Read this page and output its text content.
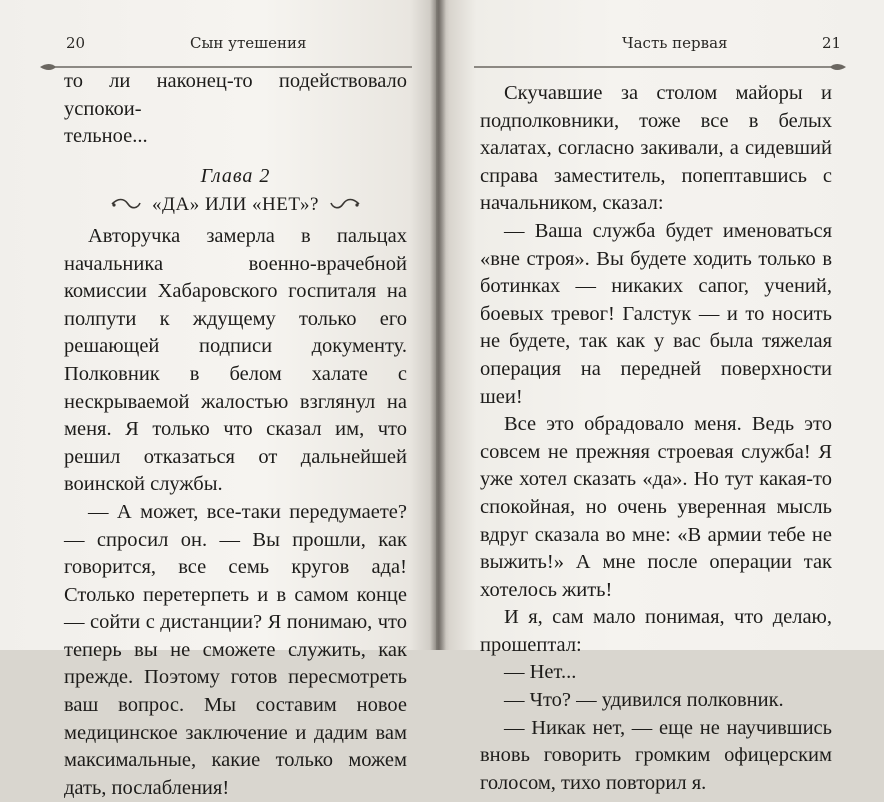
20	Сын утешения

то ли наконец-то подействовало успокои-

тельное...

Глава 2
«ДА» ИЛИ «НЕТ»?

Авторучка замерла в пальцах начальника военно-врачебной комиссии Хабаровского госпиталя на полпути к ждущему только его решающей подписи документу. Полковник в белом халате с нескрываемой жалостью взглянул на меня. Я только что сказал им, что решил отказаться от дальнейшей воинской службы.

— А может, все-таки передумаете? — спросил он. — Вы прошли, как говорится, все семь кругов ада! Столько перетерпеть и в самом конце — сойти с дистанции? Я понимаю, что теперь вы не сможете служить, как прежде. Поэтому готов пересмотреть ваш вопрос. Мы составим новое медицинское заключение и дадим вам максимальные, какие только можем дать, послабления!

Часть первая	21

Скучавшие за столом майоры и подполковники, тоже все в белых халатах, согласно закивали, а сидевший справа заместитель, попептавшись с начальником, сказал:

— Ваша служба будет именоваться «вне строя». Вы будете ходить только в ботинках — никаких сапог, учений, боевых тревог! Галстук — и то носить не будете, так как у вас была тяжелая операция на передней поверхности шеи!

Все это обрадовало меня. Ведь это совсем не прежняя строевая служба! Я уже хотел сказать «да». Но тут какая-то спокойная, но очень уверенная мысль вдруг сказала во мне: «В армии тебе не выжить!» А мне после операции так хотелось жить!

И я, сам мало понимая, что делаю, прошептал:

— Нет...

— Что? — удивился полковник.

— Никак нет, — еще не научившись вновь говорить громким офицерским голосом, тихо повторил я.
